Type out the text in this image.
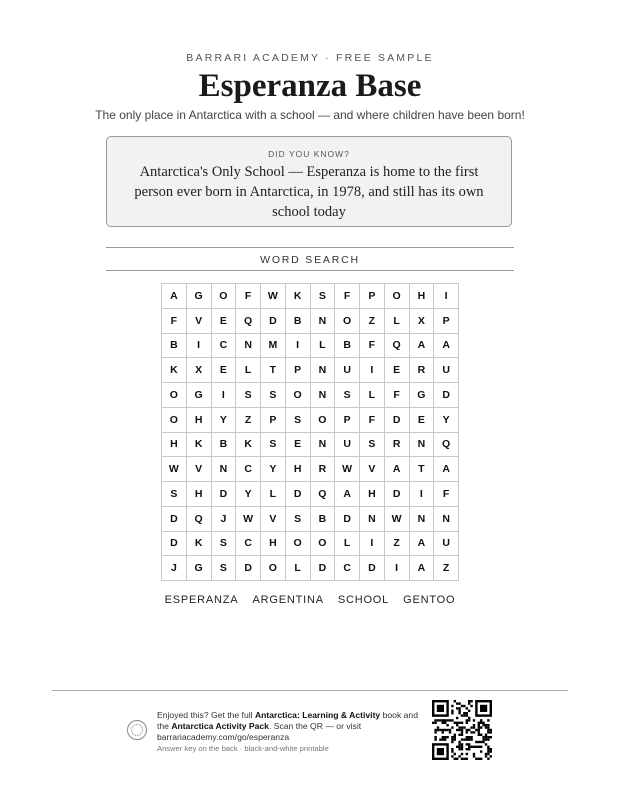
BARRARI ACADEMY · FREE SAMPLE
Esperanza Base
The only place in Antarctica with a school — and where children have been born!
DID YOU KNOW?
Antarctica's Only School — Esperanza is home to the first person ever born in Antarctica, in 1978, and still has its own school today
WORD SEARCH
A	G	O	F	W	K	S	F	P	O	H	I
F	V	E	Q	D	B	N	O	Z	L	X	P
B	I	C	N	M	I	L	B	F	Q	A	A
K	X	E	L	T	P	N	U	I	E	R	U
O	G	I	S	S	O	N	S	L	F	G	D
O	H	Y	Z	P	S	O	P	F	D	E	Y
H	K	B	K	S	E	N	U	S	R	N	Q
W	V	N	C	Y	H	R	W	V	A	T	A
S	H	D	Y	L	D	Q	A	H	D	I	F
D	Q	J	W	V	S	B	D	N	W	N	N
D	K	S	C	H	O	O	L	I	Z	A	U
J	G	S	D	O	L	D	C	D	I	A	Z
ESPERANZA ARGENTINA SCHOOL GENTOO
Enjoyed this? Get the full Antarctica: Learning & Activity book and the Antarctica Activity Pack. Scan the QR — or visit
barrariacademy.com/go/esperanza
Answer key on the back · black-and-white printable
